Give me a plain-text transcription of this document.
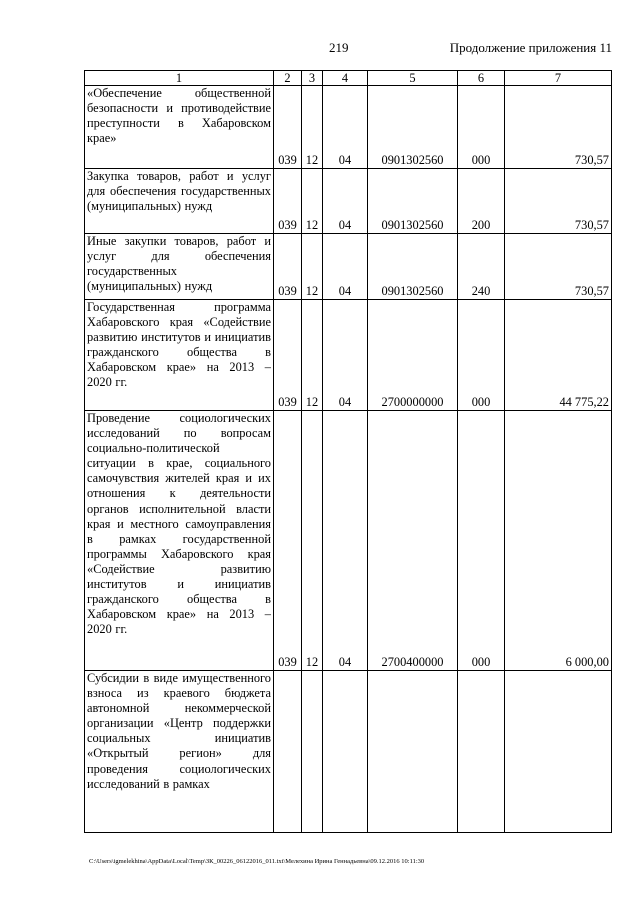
219	Продолжение приложения 11
1	2	3	4	5	6	7
«Обеспечение общественной безопасности и противодействие преступности в Хабаровском крае»	039	12	04	0901302560	000	730,57
Закупка товаров, работ и услуг для обеспечения государственных (муниципальных) нужд	039	12	04	0901302560	200	730,57
Иные закупки товаров, работ и услуг для обеспечения государственных (муниципальных) нужд	039	12	04	0901302560	240	730,57
Государственная программа Хабаровского края «Содействие развитию институтов и инициатив гражданского общества в Хабаровском крае» на 2013 – 2020 гг.	039	12	04	2700000000	000	44 775,22
Проведение социологических исследований по вопросам социально-политической ситуации в крае, социального самочувствия жителей края и их отношения к деятельности органов исполнительной власти края и местного самоуправления в рамках государственной программы Хабаровского края «Содействие развитию институтов и инициатив гражданского общества в Хабаровском крае» на 2013 – 2020 гг.	039	12	04	2700400000	000	6 000,00
Субсидии в виде имущественного взноса из краевого бюджета автономной некоммерческой организации «Центр поддержки социальных инициатив «Открытый регион» для проведения социологических исследований в рамках						
C:\Users\igmelekhina\AppData\Local\Temp\ЗК_00226_06122016_011.txt\Мелехина Ирина Геннадьевна\09.12.2016 10:11:30
